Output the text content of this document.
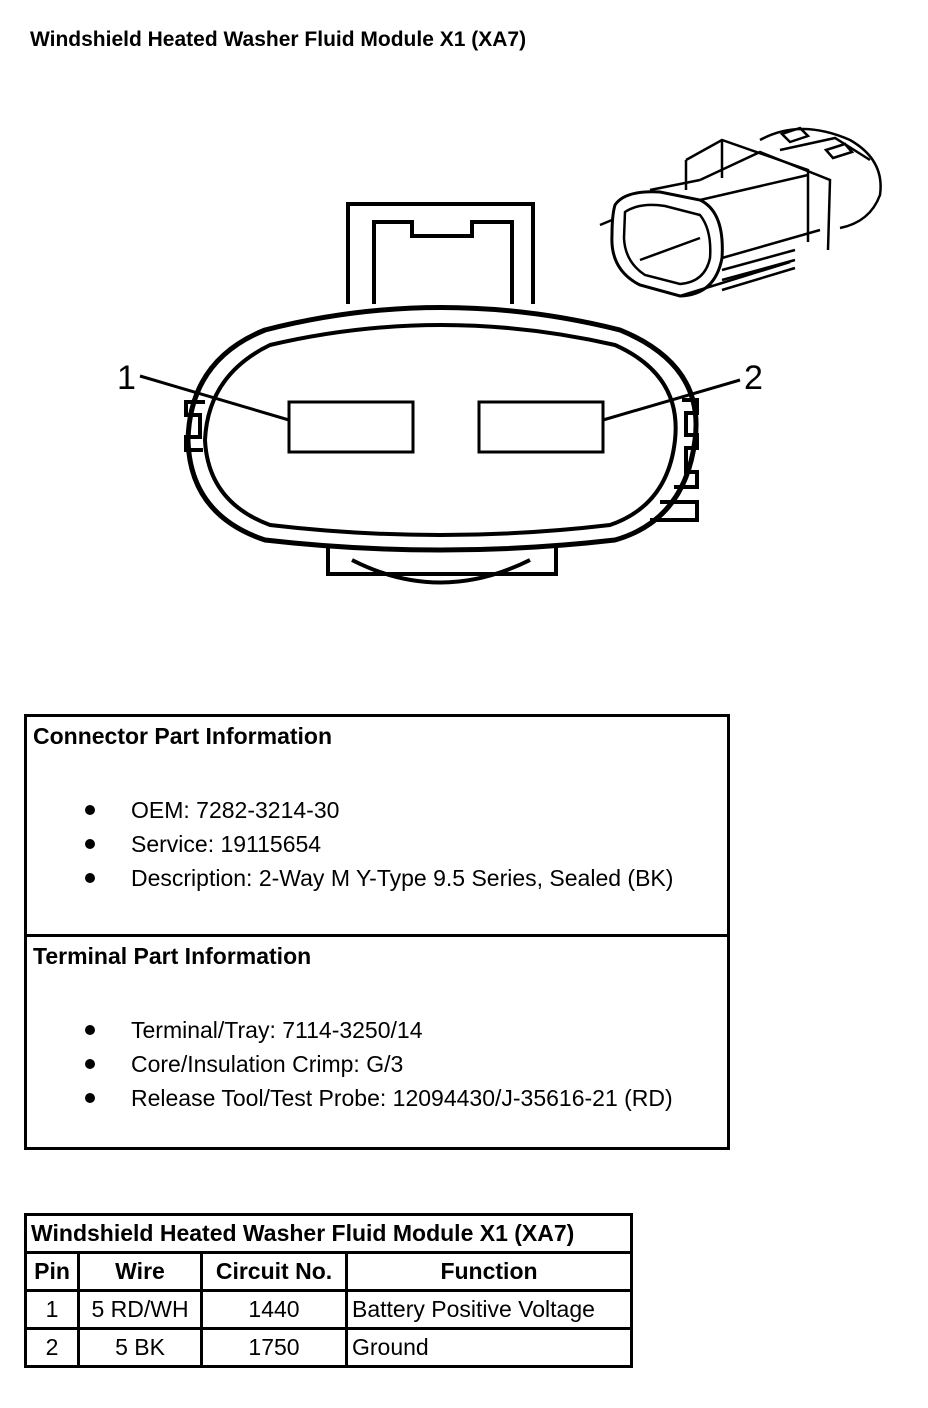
Windshield Heated Washer Fluid Module X1 (XA7)
1	2
Connector Part Information
OEM: 7282-3214-30
Service: 19115654
Description: 2-Way M Y-Type 9.5 Series, Sealed (BK)
Terminal Part Information
Terminal/Tray: 7114-3250/14
Core/Insulation Crimp: G/3
Release Tool/Test Probe: 12094430/J-35616-21 (RD)
Windshield Heated Washer Fluid Module X1 (XA7)			
Pin	Wire	Circuit No.	Function
1	5 RD/WH	1440	Battery Positive Voltage
2	5 BK	1750	Ground
